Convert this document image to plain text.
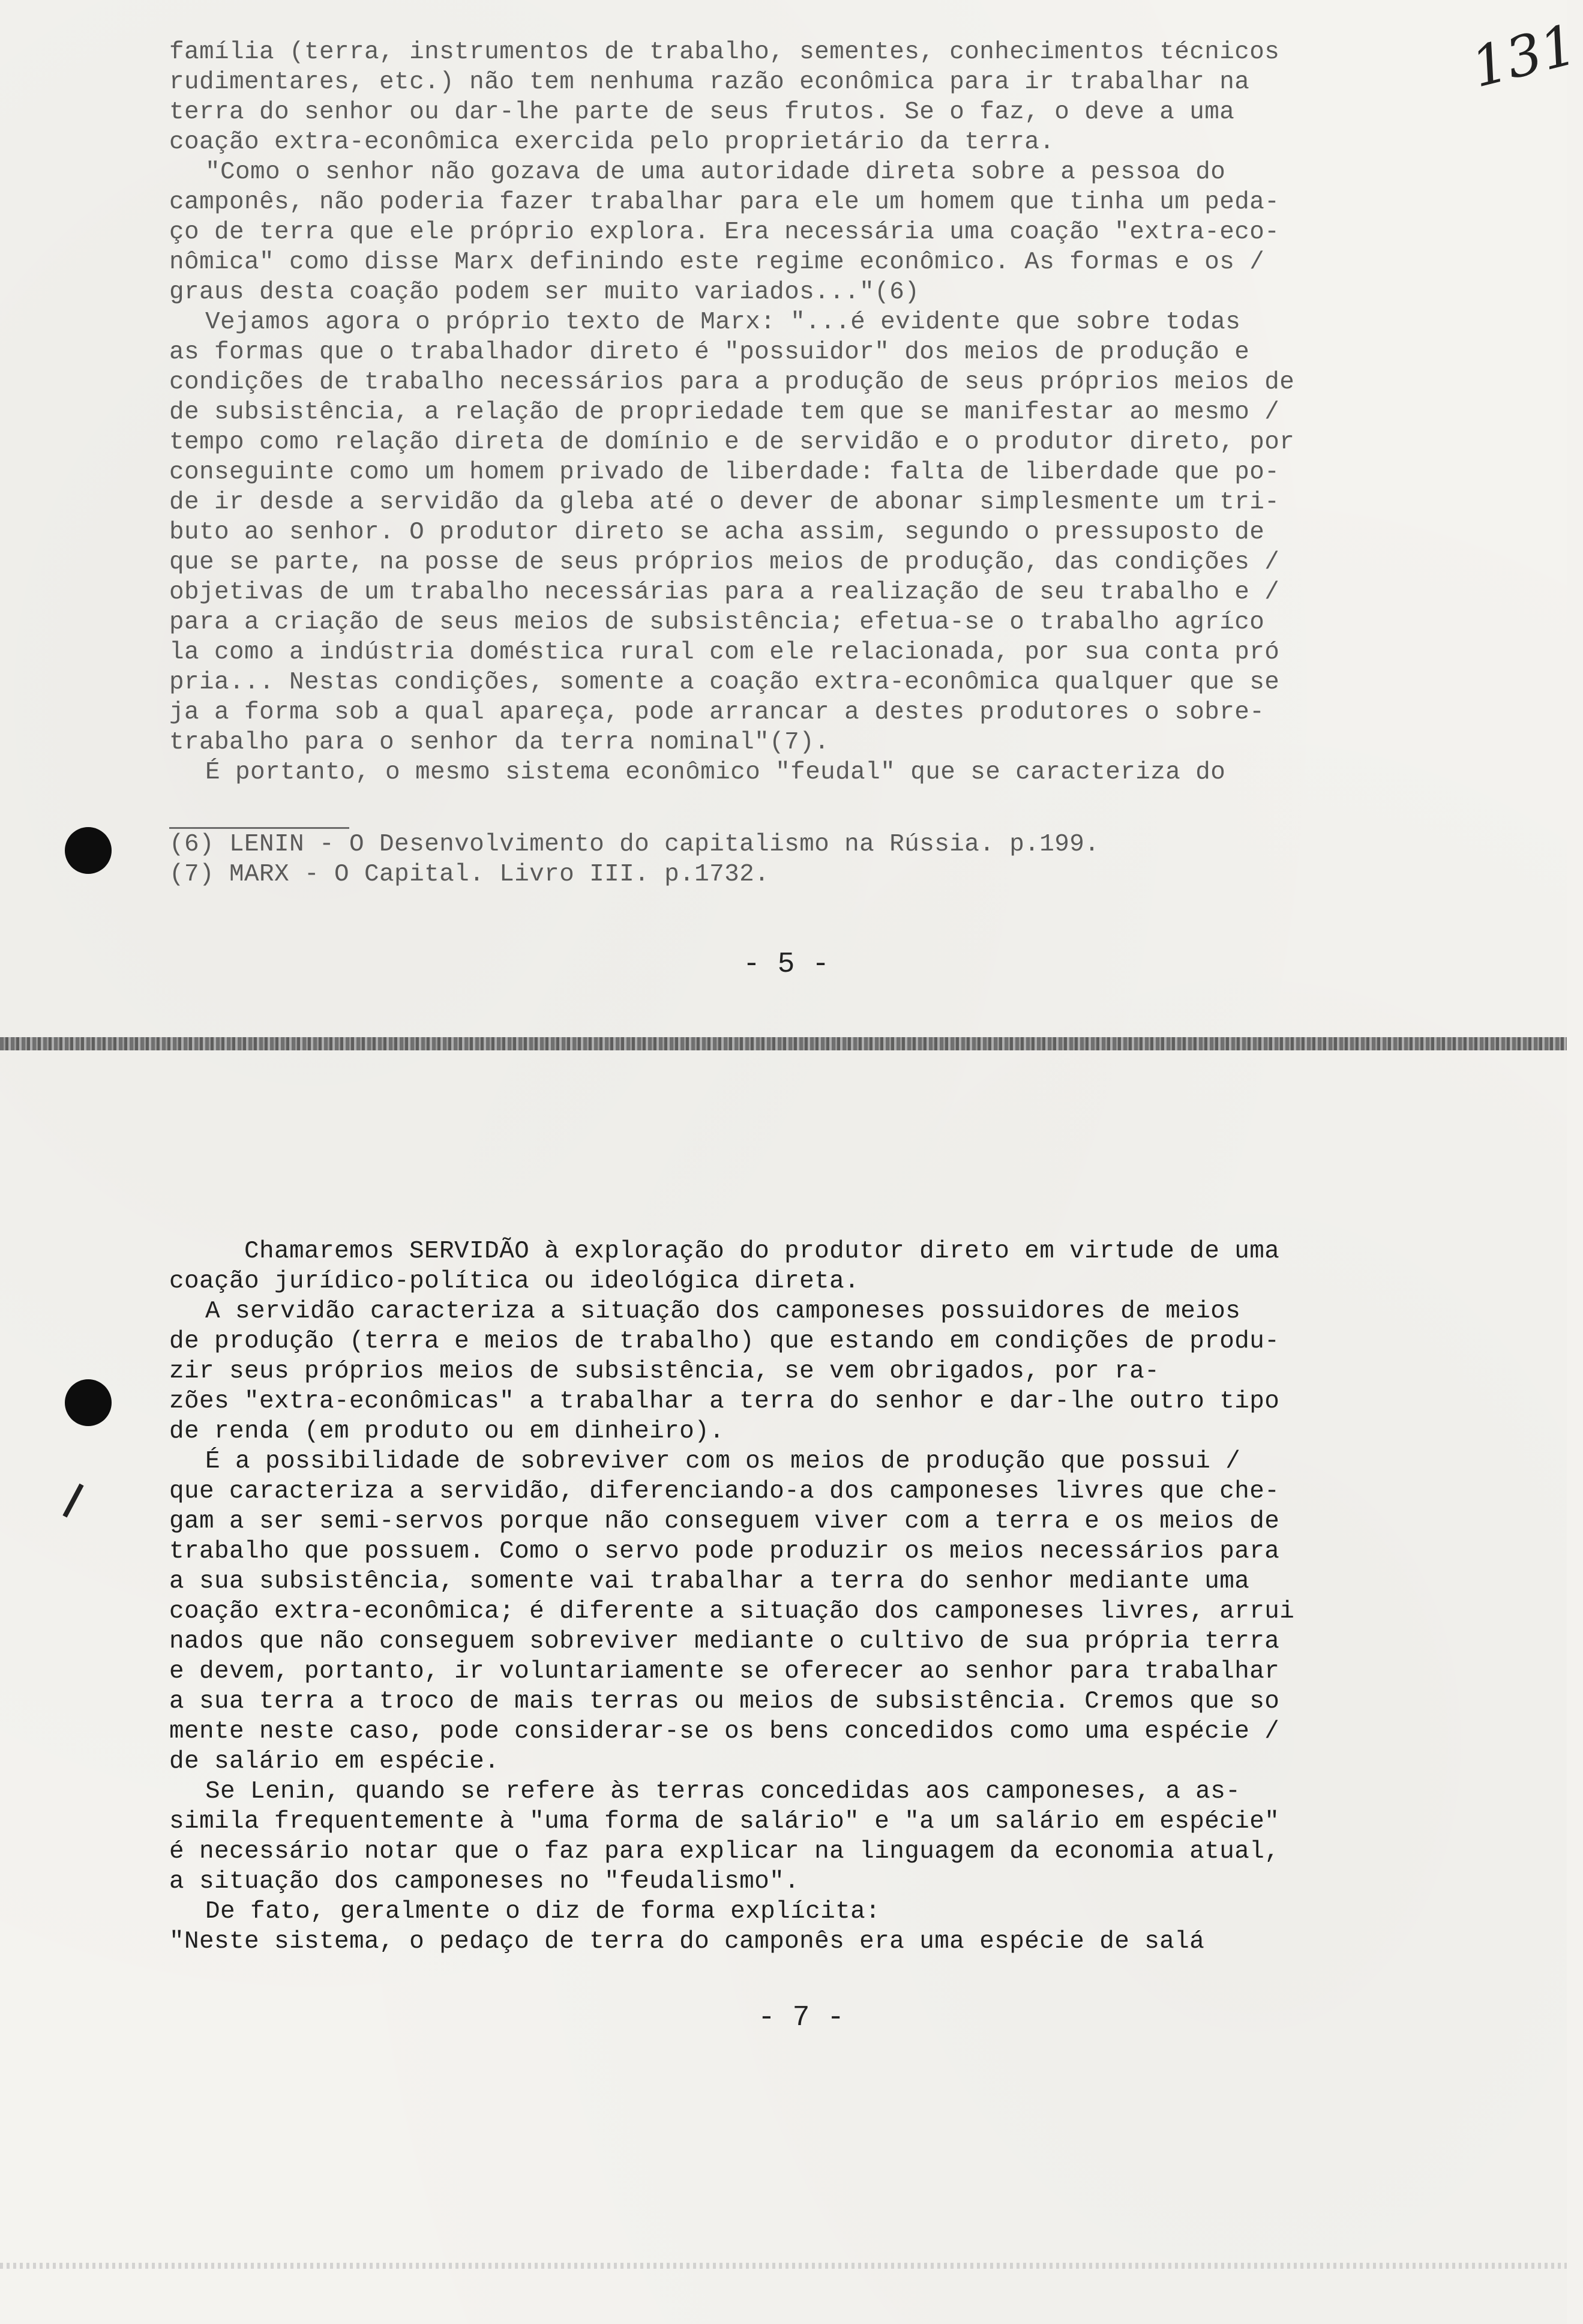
131
família (terra, instrumentos de trabalho, sementes, conhecimentos técnicos
rudimentares, etc.) não tem nenhuma razão econômica para ir trabalhar na
terra do senhor ou dar-lhe parte de seus frutos. Se o faz, o deve a uma
coação extra-econômica exercida pelo proprietário da terra.
"Como o senhor não gozava de uma autoridade direta sobre a pessoa do
camponês, não poderia fazer trabalhar para ele um homem que tinha um peda-
ço de terra que ele próprio explora. Era necessária uma coação "extra-eco-
nômica" como disse Marx definindo este regime econômico. As formas e os /
graus desta coação podem ser muito variados..."(6)
Vejamos agora o próprio texto de Marx: "...é evidente que sobre todas
as formas que o trabalhador direto é "possuidor" dos meios de produção e
condições de trabalho necessários para a produção de seus próprios meios de
de subsistência, a relação de propriedade tem que se manifestar ao mesmo /
tempo como relação direta de domínio e de servidão e o produtor direto, por
conseguinte como um homem privado de liberdade: falta de liberdade que po-
de ir desde a servidão da gleba até o dever de abonar simplesmente um tri-
buto ao senhor. O produtor direto se acha assim, segundo o pressuposto de
que se parte, na posse de seus próprios meios de produção, das condições /
objetivas de um trabalho necessárias para a realização de seu trabalho e /
para a criação de seus meios de subsistência; efetua-se o trabalho agríco
la como a indústria doméstica rural com ele relacionada, por sua conta pró
pria... Nestas condições, somente a coação extra-econômica qualquer que se
ja a forma sob a qual apareça, pode arrancar a destes produtores o sobre-
trabalho para o senhor da terra nominal"(7).
É portanto, o mesmo sistema econômico "feudal" que se caracteriza do
(6) LENIN - O Desenvolvimento do capitalismo na Rússia. p.199.
(7) MARX - O Capital. Livro III. p.1732.
- 5 -
Chamaremos SERVIDÃO à exploração do produtor direto em virtude de uma
coação jurídico-política ou ideológica direta.
A servidão caracteriza a situação dos camponeses possuidores de meios
de produção (terra e meios de trabalho) que estando em condições de produ-
zir seus próprios meios de subsistência, se vem obrigados, por ra-
zões "extra-econômicas" a trabalhar a terra do senhor e dar-lhe outro tipo
de renda (em produto ou em dinheiro).
É a possibilidade de sobreviver com os meios de produção que possui /
que caracteriza a servidão, diferenciando-a dos camponeses livres que che-
gam a ser semi-servos porque não conseguem viver com a terra e os meios de
trabalho que possuem. Como o servo pode produzir os meios necessários para
a sua subsistência, somente vai trabalhar a terra do senhor mediante uma
coação extra-econômica; é diferente a situação dos camponeses livres, arrui
nados que não conseguem sobreviver mediante o cultivo de sua própria terra
e devem, portanto, ir voluntariamente se oferecer ao senhor para trabalhar
a sua terra a troco de mais terras ou meios de subsistência. Cremos que so
mente neste caso, pode considerar-se os bens concedidos como uma espécie /
de salário em espécie.
Se Lenin, quando se refere às terras concedidas aos camponeses, a as-
simila frequentemente à "uma forma de salário" e "a um salário em espécie"
é necessário notar que o faz para explicar na linguagem da economia atual,
a situação dos camponeses no "feudalismo".
De fato, geralmente o diz de forma explícita:
"Neste sistema, o pedaço de terra do camponês era uma espécie de salá
- 7 -
